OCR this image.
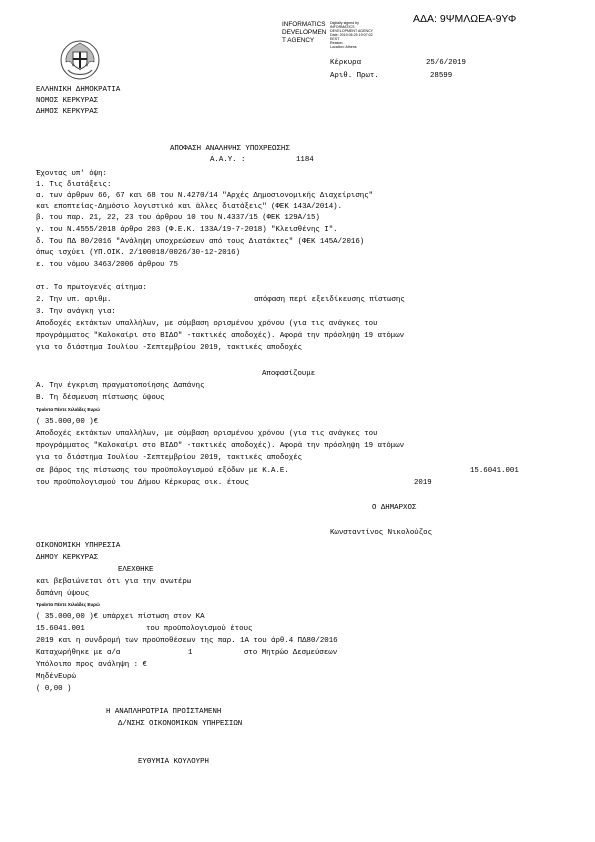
ΑΔΑ: 9ΨΜΛΩΕΑ-9ΥΦ
INFORMATICS
DEVELOPMEN
T AGENCY
Digitally signed by
INFORMATICS
DEVELOPMENT AGENCY
Date: 2019.06.25 19:07:02
EEST
Reason:
Location: Athens
Κέρκυρα	25/6/2019
Αριθ. Πρωτ.	28599
ΕΛΛΗΝΙΚΗ ΔΗΜΟΚΡΑΤΙΑ
ΝΟΜΟΣ ΚΕΡΚΥΡΑΣ
ΔΗΜΟΣ ΚΕΡΚΥΡΑΣ
ΑΠΟΦΑΣΗ ΑΝΑΛΗΨΗΣ ΥΠΟΧΡΕΩΣΗΣ
Α.Α.Υ. :	1184
Έχοντας υπ' όψη:
1. Τις διατάξεις:
α. των άρθρων 66, 67 και 68 του Ν.4270/14 "Αρχές Δημοσιονομικής Διαχείρισης"
και εποπτείας-Δημόσιο λογιστικό και άλλες διατάξεις" (ΦΕΚ 143Α/2014).
β. του παρ. 21, 22, 23 του άρθρου 10 του Ν.4337/15 (ΦΕΚ 129Α/15)
γ. του Ν.4555/2018 άρθρο 203 (Φ.Ε.Κ. 133Α/19-7-2018) "Κλεισθένης Ι".
δ. Του ΠΔ 80/2016 "Ανάληψη υποχρεώσεων από τους Διατάκτες" (ΦΕΚ 145Α/2016)
όπως ισχύει (ΥΠ.ΟΙΚ. 2/100018/0026/30-12-2016)
ε. του νόμου 3463/2006 άρθρου 75
στ. Το πρωτογενές αίτημα:
2. Την υπ. αριθμ.	απόφαση περί εξειδίκευσης πίστωσης
3. Την ανάγκη για:
Αποδοχές εκτάκτων υπαλλήλων, με σύμβαση ορισμένου χρόνου (για τις ανάγκες του
προγράμματος "Καλοκαίρι στο ΒΙΔΟ" -τακτικές αποδοχές). Αφορά την πρόσληψη 19 ατόμων
για το διάστημα Ιουλίου -Σεπτεμβρίου 2019, τακτικές αποδοχές
Αποφασίζουμε
Α. Την έγκριση πραγματοποίησης Δαπάνης
Β. Τη δέσμευση πίστωσης ύψους
Τριάντα Πέντε Χιλιάδες Ευρώ
( 35.000,00 )€
Αποδοχές εκτάκτων υπαλλήλων, με σύμβαση ορισμένου χρόνου (για τις ανάγκες του
προγράμματος "Καλοκαίρι στο ΒΙΔΟ" -τακτικές αποδοχές). Αφορά την πρόσληψη 19 ατόμων
για το διάστημα Ιουλίου -Σεπτεμβρίου 2019, τακτικές αποδοχές
σε βάρος της πίστωσης του προϋπολογισμού εξόδων με Κ.Α.Ε.	15.6041.001
του προϋπολογισμού του Δήμου Κέρκυρας οικ. έτους	2019
Ο ΔΗΜΑΡΧΟΣ
Κωνσταντίνος Νικολούζος
ΟΙΚΟΝΟΜΙΚΗ ΥΠΗΡΕΣΙΑ
ΔΗΜΟΥ ΚΕΡΚΥΡΑΣ
ΕΛΕΧΘΗΚΕ
και βεβαιώνεται ότι για την ανωτέρω
δαπάνη ύψους
Τριάντα Πέντε Χιλιάδες Ευρώ
( 35.000,00 )€ υπάρχει πίστωση στον ΚΑ
15.6041.001	του προϋπολογισμού έτους
2019 και η συνδρομή των προϋποθέσεων της παρ. 1Α του άρθ.4 ΠΔ80/2016
Καταχωρήθηκε με α/α	1	στο Μητρώο Δεσμεύσεων
Υπόλοιπο προς ανάληψη : €
ΜηδένΕυρώ
( 0,00 )
Η ΑΝΑΠΛΗΡΩΤΡΙΑ ΠΡΟΪΣΤΑΜΕΝΗ
Δ/ΝΣΗΣ ΟΙΚΟΝΟΜΙΚΩΝ ΥΠΗΡΕΣΙΩΝ
ΕΥΘΥΜΙΑ ΚΟΥΛΟΥΡΗ
